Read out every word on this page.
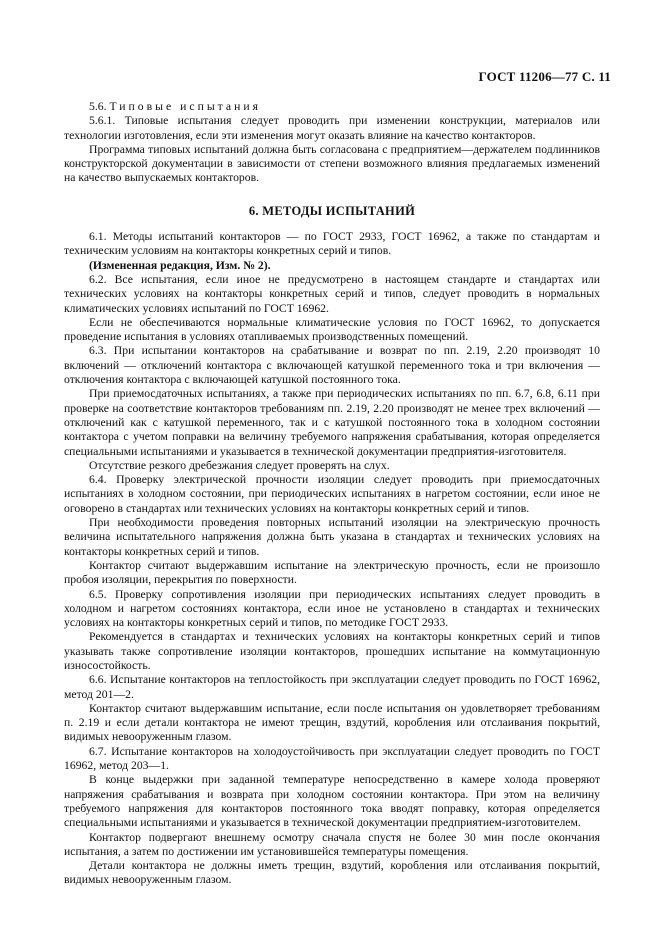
ГОСТ 11206—77 С. 11

5.6. Типовые испытания

5.6.1. Типовые испытания следует проводить при изменении конструкции, материалов или технологии изготовления, если эти изменения могут оказать влияние на качество контакторов.

Программа типовых испытаний должна быть согласована с предприятием—держателем подлинников конструкторской документации в зависимости от степени возможного влияния предлагаемых изменений на качество выпускаемых контакторов.

6. МЕТОДЫ ИСПЫТАНИЙ

6.1. Методы испытаний контакторов — по ГОСТ 2933, ГОСТ 16962, а также по стандартам и техническим условиям на контакторы конкретных серий и типов.

(Измененная редакция, Изм. № 2).

6.2. Все испытания, если иное не предусмотрено в настоящем стандарте и стандартах или технических условиях на контакторы конкретных серий и типов, следует проводить в нормальных климатических условиях испытаний по ГОСТ 16962.

Если не обеспечиваются нормальные климатические условия по ГОСТ 16962, то допускается проведение испытания в условиях отапливаемых производственных помещений.

6.3. При испытании контакторов на срабатывание и возврат по пп. 2.19, 2.20 производят 10 включений — отключений контактора с включающей катушкой переменного тока и три включения — отключения контактора с включающей катушкой постоянного тока.

При приемосдаточных испытаниях, а также при периодических испытаниях по пп. 6.7, 6.8, 6.11 при проверке на соответствие контакторов требованиям пп. 2.19, 2.20 производят не менее трех включений — отключений как с катушкой переменного, так и с катушкой постоянного тока в холодном состоянии контактора с учетом поправки на величину требуемого напряжения срабатывания, которая определяется специальными испытаниями и указывается в технической документации предприятия-изготовителя.

Отсутствие резкого дребезжания следует проверять на слух.

6.4. Проверку электрической прочности изоляции следует проводить при приемосдаточных испытаниях в холодном состоянии, при периодических испытаниях в нагретом состоянии, если иное не оговорено в стандартах или технических условиях на контакторы конкретных серий и типов.

При необходимости проведения повторных испытаний изоляции на электрическую прочность величина испытательного напряжения должна быть указана в стандартах и технических условиях на контакторы конкретных серий и типов.

Контактор считают выдержавшим испытание на электрическую прочность, если не произошло пробоя изоляции, перекрытия по поверхности.

6.5. Проверку сопротивления изоляции при периодических испытаниях следует проводить в холодном и нагретом состояниях контактора, если иное не установлено в стандартах и технических условиях на контакторы конкретных серий и типов, по методике ГОСТ 2933.

Рекомендуется в стандартах и технических условиях на контакторы конкретных серий и типов указывать также сопротивление изоляции контакторов, прошедших испытание на коммутационную износостойкость.

6.6. Испытание контакторов на теплостойкость при эксплуатации следует проводить по ГОСТ 16962, метод 201—2.

Контактор считают выдержавшим испытание, если после испытания он удовлетворяет требованиям п. 2.19 и если детали контактора не имеют трещин, вздутий, коробления или отслаивания покрытий, видимых невооруженным глазом.

6.7. Испытание контакторов на холодоустойчивость при эксплуатации следует проводить по ГОСТ 16962, метод 203—1.

В конце выдержки при заданной температуре непосредственно в камере холода проверяют напряжения срабатывания и возврата при холодном состоянии контактора. При этом на величину требуемого напряжения для контакторов постоянного тока вводят поправку, которая определяется специальными испытаниями и указывается в технической документации предприятием-изготовителем.

Контактор подвергают внешнему осмотру сначала спустя не более 30 мин после окончания испытания, а затем по достижении им установившейся температуры помещения.

Детали контактора не должны иметь трещин, вздутий, коробления или отслаивания покрытий, видимых невооруженным глазом.
